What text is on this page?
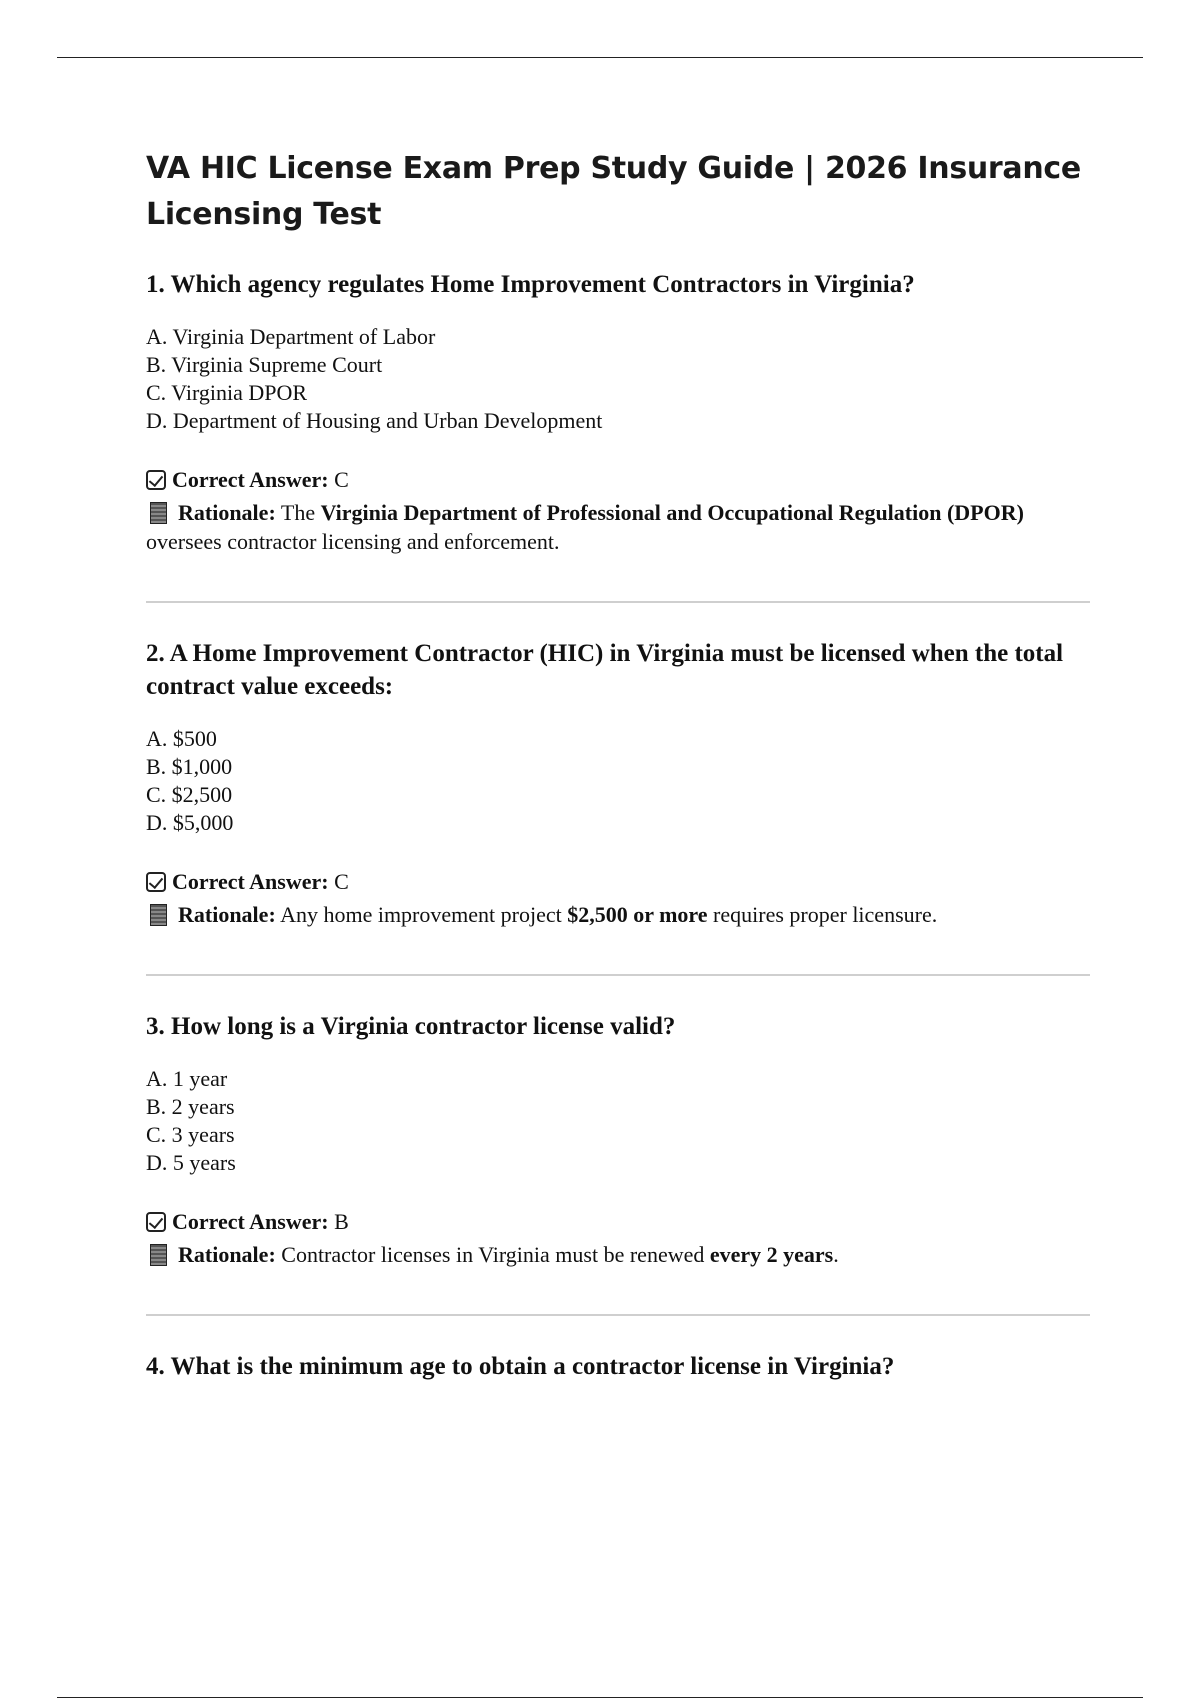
VA HIC License Exam Prep Study Guide | 2026 Insurance Licensing Test
1. Which agency regulates Home Improvement Contractors in Virginia?
A. Virginia Department of Labor
B. Virginia Supreme Court
C. Virginia DPOR
D. Department of Housing and Urban Development

Correct Answer: C

Rationale: The Virginia Department of Professional and Occupational Regulation (DPOR) oversees contractor licensing and enforcement.

2. A Home Improvement Contractor (HIC) in Virginia must be licensed when the total contract value exceeds:
A. $500
B. $1,000
C. $2,500
D. $5,000

Correct Answer: C

Rationale: Any home improvement project $2,500 or more requires proper licensure.

3. How long is a Virginia contractor license valid?
A. 1 year
B. 2 years
C. 3 years
D. 5 years

Correct Answer: B

Rationale: Contractor licenses in Virginia must be renewed every 2 years.

4. What is the minimum age to obtain a contractor license in Virginia?
